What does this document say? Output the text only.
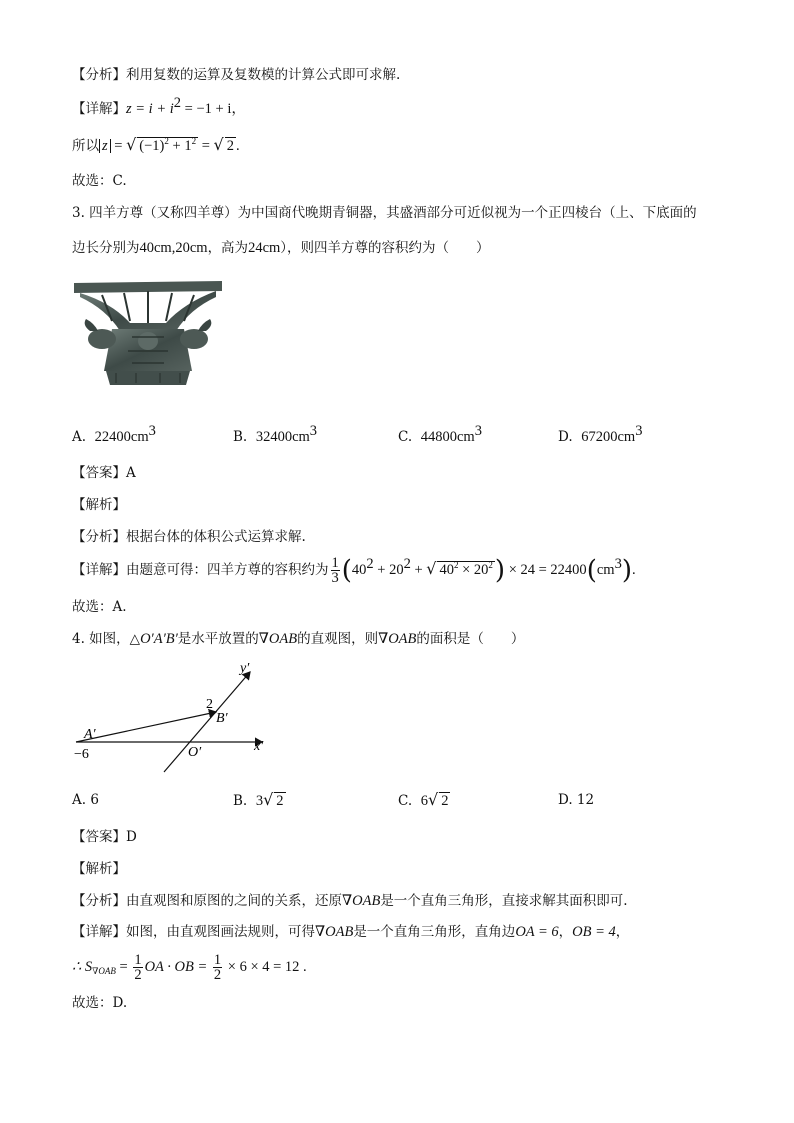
【分析】利用复数的运算及复数模的计算公式即可求解.
【详解】$z = i + i^2 = -1 + i$，
所以 z = √ $(-1)^2 + 1^2$ = √ 2 .
故选：C.
3. 四羊方尊（又称四羊尊）为中国商代晚期青铜器，其盛酒部分可近似视为一个正四棱台（上、下底面的
边长分别为40cm,20cm，高为24cm），则四羊方尊的容积约为（　　）
A. $22400cm^3$	B. $32400cm^3$	C. $44800cm^3$	D. $67200cm^3$
【答案】A
【解析】
【分析】根据台体的体积公式运算求解.
【详解】由题意可得：四羊方尊的容积约为 $\frac{1}{3} (40^2 + 20^2$ + √ $40^2 \times 20^2) \times 24 = 22400(cm^3)$.
故选：A.
4. 如图，△O′A′B′是水平放置的∇OAB的直观图，则∇OAB的面积是（　　）
y′
x′
A′
B′
O′
2
−6
A. 6	B. 3√ 2	C. 6√ 2	D. 12
【答案】D
【解析】
【分析】由直观图和原图的之间的关系，还原∇OAB是一个直角三角形，直接求解其面积即可.
【详解】如图，由直观图画法规则，可得∇OAB是一个直角三角形，直角边OA = 6，OB = 4，
∴ $S_{\nabla OAB} = \frac{1}{2}$ OA · OB = $\frac{1}{2} \times 6 \times 4 = 12$ .
故选：D.
